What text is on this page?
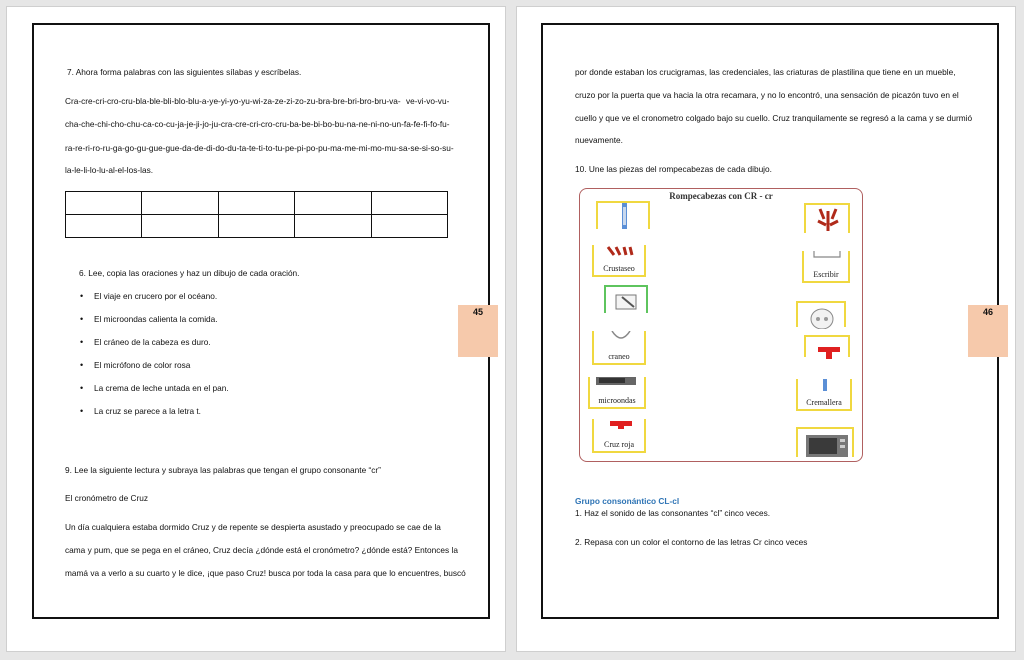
7. Ahora forma palabras con las siguientes sílabas y escríbelas.
Cra-cre-cri-cro-cru-bla-ble-bli-blo-blu-a-ye-yi-yo-yu-wi-za-ze-zi-zo-zu-bra-bre-bri-bro-bru-va- ve-vi-vo-vu-
cha-che-chi-cho-chu-ca-co-cu-ja-je-ji-jo-ju-cra-cre-cri-cro-cru-ba-be-bi-bo-bu-na-ne-ni-no-un-fa-fe-fi-fo-fu-
ra-re-ri-ro-ru-ga-go-gu-gue-gue-da-de-di-do-du-ta-te-ti-to-tu-pe-pi-po-pu-ma-me-mi-mo-mu-sa-se-si-so-su-
la-le-li-lo-lu-al-el-los-las.

6. Lee, copia las oraciones y haz un dibujo de cada oración.
• El viaje en crucero por el océano.
• El microondas calienta la comida.
• El cráneo de la cabeza es duro.
• El micrófono de color rosa
• La crema de leche untada en el pan.
• La cruz se parece a la letra t.
9. Lee la siguiente lectura y subraya las palabras que tengan el grupo consonante “cr”
El cronómetro de Cruz
Un día cualquiera estaba dormido Cruz y de repente se despierta asustado y preocupado se cae de la
cama y pum, que se pega en el cráneo, Cruz decía ¿dónde está el cronómetro? ¿dónde está? Entonces la
mamá va a verlo a su cuarto y le dice, ¡que paso Cruz! busca por toda la casa para que lo encuentres, buscó
45
por donde estaban los crucigramas, las credenciales, las criaturas de plastilina que tiene en un mueble,
cruzo por la puerta que va hacia la otra recamara, y no lo encontró, una sensación de picazón tuvo en el
cuello y que ve el cronometro colgado bajo su cuello. Cruz tranquilamente se regresó a la cama y se durmió
nuevamente.
10. Une las piezas del rompecabezas de cada dibujo.
Rompecabezas con CR - cr
Crustaseo
craneo
microondas
Cruz roja
Escribir
Cremallera
Grupo consonántico CL-cl
1. Haz el sonido de las consonantes “cl” cinco veces.
2. Repasa con un color el contorno de las letras Cr cinco veces
46
